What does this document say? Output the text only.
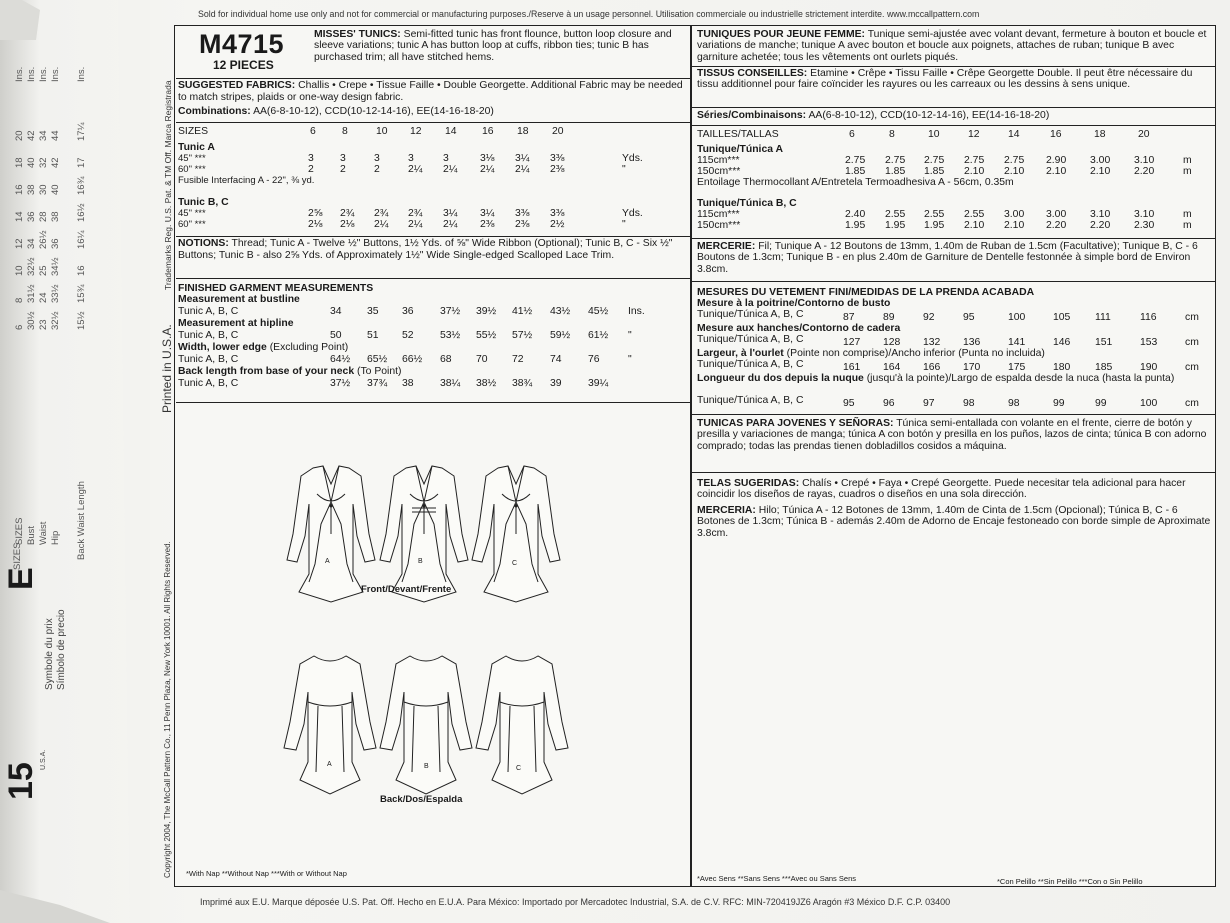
SIZES
SIZES
6
8
10
12
14
16
18
20
Ins.
Bust
30½
31½
32½
34
36
38
40
42
Ins.
Waist
23
24
25
26½
28
30
32
34
Ins.
Hip
32½
33½
34½
36
38
40
42
44
Ins.
Back Waist Length
15½
15¾
16
16¼
16½
16¾
17
17¼
Ins.
E
15
Symbole du prix Símbolo de precio
U.S.A.
Sold for individual home use only and not for commercial or manufacturing purposes./Reserve à un usage personnel. Utilisation commerciale ou industrielle strictement interdite. www.mccallpattern.com
Trademarks Reg. U.S. Pat. & TM Off. Marca Registrada
Printed in U.S.A.
Copyright 2004, The McCall Pattern Co., 11 Penn Plaza, New York 10001. All Rights Reserved.
M4715
12 PIECES
MISSES' TUNICS: Semi-fitted tunic has front flounce, button loop closure and sleeve variations; tunic A has button loop at cuffs, ribbon ties; tunic B has purchased trim; all have stitched hems.
SUGGESTED FABRICS: Challis • Crepe • Tissue Faille • Double Georgette. Additional Fabric may be needed to match stripes, plaids or one-way design fabric.
Combinations: AA(6-8-10-12), CCD(10-12-14-16), EE(14-16-18-20)
SIZES	6	8	10 12 14 16 18 20
Tunic A
45" ***	3	3	3	3	3	3⅛ 3¼ 3⅜	Yds.
60" ***	2	2	2	2¼ 2¼ 2¼ 2¼ 2⅜	"
Fusible Interfacing A - 22", ⅜ yd.
Tunic B, C
45" ***	2⅝ 2¾ 2¾ 2¾ 3¼ 3¼ 3⅜ 3⅜	Yds.
60" ***	2⅛ 2⅛ 2¼ 2¼ 2¼ 2⅜ 2⅜ 2½	"
NOTIONS: Thread; Tunic A - Twelve ½" Buttons, 1½ Yds. of ⅝" Wide Ribbon (Optional); Tunic B, C - Six ½" Buttons; Tunic B - also 2⅝ Yds. of Approximately 1½" Wide Single-edged Scalloped Lace Trim.
FINISHED GARMENT MEASUREMENTS
Measurement at bustline
Tunic A, B, C	34 35 36	37½ 39½ 41½ 43½ 45½ Ins.
Measurement at hipline
Tunic A, B, C	50 51 52	53½ 55½ 57½ 59½ 61½ "
Width, lower edge (Excluding Point)
Tunic A, B, C	64½ 65½ 66½ 68 70 72	74	76	"
Back length from base of your neck (To Point)
Tunic A, B, C	37½ 37¾ 38	38¼ 38½ 38¾ 39	39¼
A
A
B
B
C
C
Front/Devant/Frente
Back/Dos/Espalda
*With Nap **Without Nap ***With or Without Nap
TUNIQUES POUR JEUNE FEMME: Tunique semi-ajustée avec volant devant, fermeture à bouton et boucle et variations de manche; tunique A avec bouton et boucle aux poignets, attaches de ruban; tunique B avec garniture achetée; tous les vêtements ont ourlets piqués.
TISSUS CONSEILLES: Etamine • Crêpe • Tissu Faille • Crêpe Georgette Double. Il peut être nécessaire du tissu additionnel pour faire coïncider les rayures ou les carreaux ou les dessins à sens unique.
Séries/Combinaisons: AA(6-8-10-12), CCD(10-12-14-16), EE(14-16-18-20)
TAILLES/TALLAS	6	8	10	12	14	16	18	20
Tunique/Túnica A
115cm***	2.75 2.75 2.75 2.75 2.75 2.90 3.00 3.10	m
150cm***	1.85 1.85 1.85 2.10 2.10 2.10 2.10 2.20	m
Entoilage Thermocollant A/Entretela Termoadhesiva A - 56cm, 0.35m
Tunique/Túnica B, C
115cm***	2.40 2.55 2.55 2.55 3.00 3.00 3.10 3.10	m
150cm***	1.95 1.95 1.95 2.10 2.10 2.20 2.20 2.30	m
MERCERIE: Fil; Tunique A - 12 Boutons de 13mm, 1.40m de Ruban de 1.5cm (Facultative); Tunique B, C - 6 Boutons de 1.3cm; Tunique B - en plus 2.40m de Garniture de Dentelle festonnée à simple bord de Environ 3.8cm.
MESURES DU VETEMENT FINI/MEDIDAS DE LA PRENDA ACABADA
Mesure à la poitrine/Contorno de busto
Tunique/Túnica A, B, C	87	89	92	95	100	105 111	116	cm
Mesure aux hanches/Contorno de cadera
Tunique/Túnica A, B, C	127 128 132 136	141	146 151	153	cm
Largeur, à l'ourlet (Pointe non comprise)/Ancho inferior (Punta no incluida)
Tunique/Túnica A, B, C	161 164 166 170	175	180 185	190	cm
Longueur du dos depuis la nuque (jusqu'à la pointe)/Largo de espalda desde la nuca (hasta la punta)
Tunique/Túnica A, B, C	95	96	97	98	98	99	99	100	cm
TUNICAS PARA JOVENES Y SEÑORAS: Túnica semi-entallada con volante en el frente, cierre de botón y presilla y variaciones de manga; túnica A con botón y presilla en los puños, lazos de cinta; túnica B con adorno comprado; todas las prendas tienen dobladillos cosidos a máquina.
TELAS SUGERIDAS: Chalís • Crepé • Faya • Crepé Georgette. Puede necesitar tela adicional para hacer coincidir los diseños de rayas, cuadros o diseños en una sola dirección.
MERCERIA: Hilo; Túnica A - 12 Botones de 13mm, 1.40m de Cinta de 1.5cm (Opcional); Túnica B, C - 6 Botones de 1.3cm; Túnica B - además 2.40m de Adorno de Encaje festoneado con borde simple de Aproximate 3.8cm.
*Avec Sens **Sans Sens ***Avec ou Sans Sens	*Con Pelillo **Sin Pelillo ***Con o Sin Pelillo
Imprimé aux E.U. Marque déposée U.S. Pat. Off. Hecho en E.U.A. Para México: Importado por Mercadotec Industrial, S.A. de C.V. RFC: MIN-720419JZ6 Aragón #3 México D.F. C.P. 03400
